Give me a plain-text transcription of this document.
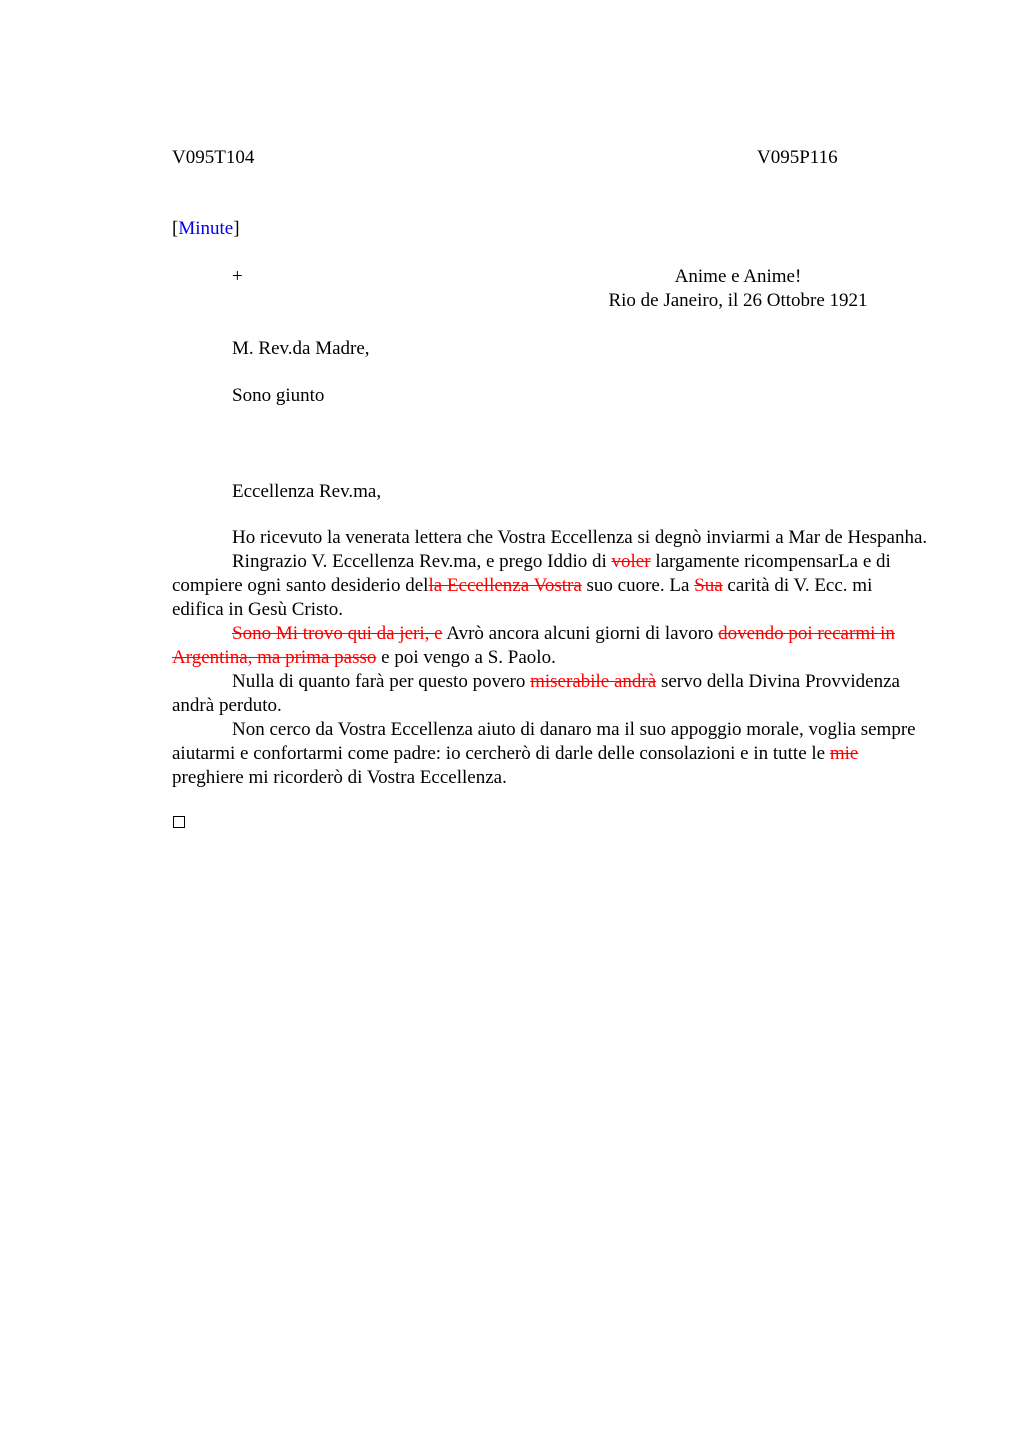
V095T104	V095P116
[Minute]
+	Anime e Anime!
Rio de Janeiro, il 26 Ottobre 1921
M. Rev.da Madre,
Sono giunto
Eccellenza Rev.ma,

Ho ricevuto la venerata lettera che Vostra Eccellenza si degnò inviarmi a Mar de Hespanha.

Ringrazio V. Eccellenza Rev.ma, e prego Iddio di voler largamente ricompensarLa e di compiere ogni santo desiderio della Eccellenza Vostra suo cuore. La Sua carità di V. Ecc. mi edifica in Gesù Cristo.

Sono Mi trovo qui da jeri, e Avrò ancora alcuni giorni di lavoro dovendo poi recarmi in Argentina, ma prima passo e poi vengo a S. Paolo.

Nulla di quanto farà per questo povero miserabile andrà servo della Divina Provvidenza andrà perduto.

Non cerco da Vostra Eccellenza aiuto di danaro ma il suo appoggio morale, voglia sempre aiutarmi e confortarmi come padre: io cercherò di darle delle consolazioni e in tutte le mie preghiere mi ricorderò di Vostra Eccellenza.
